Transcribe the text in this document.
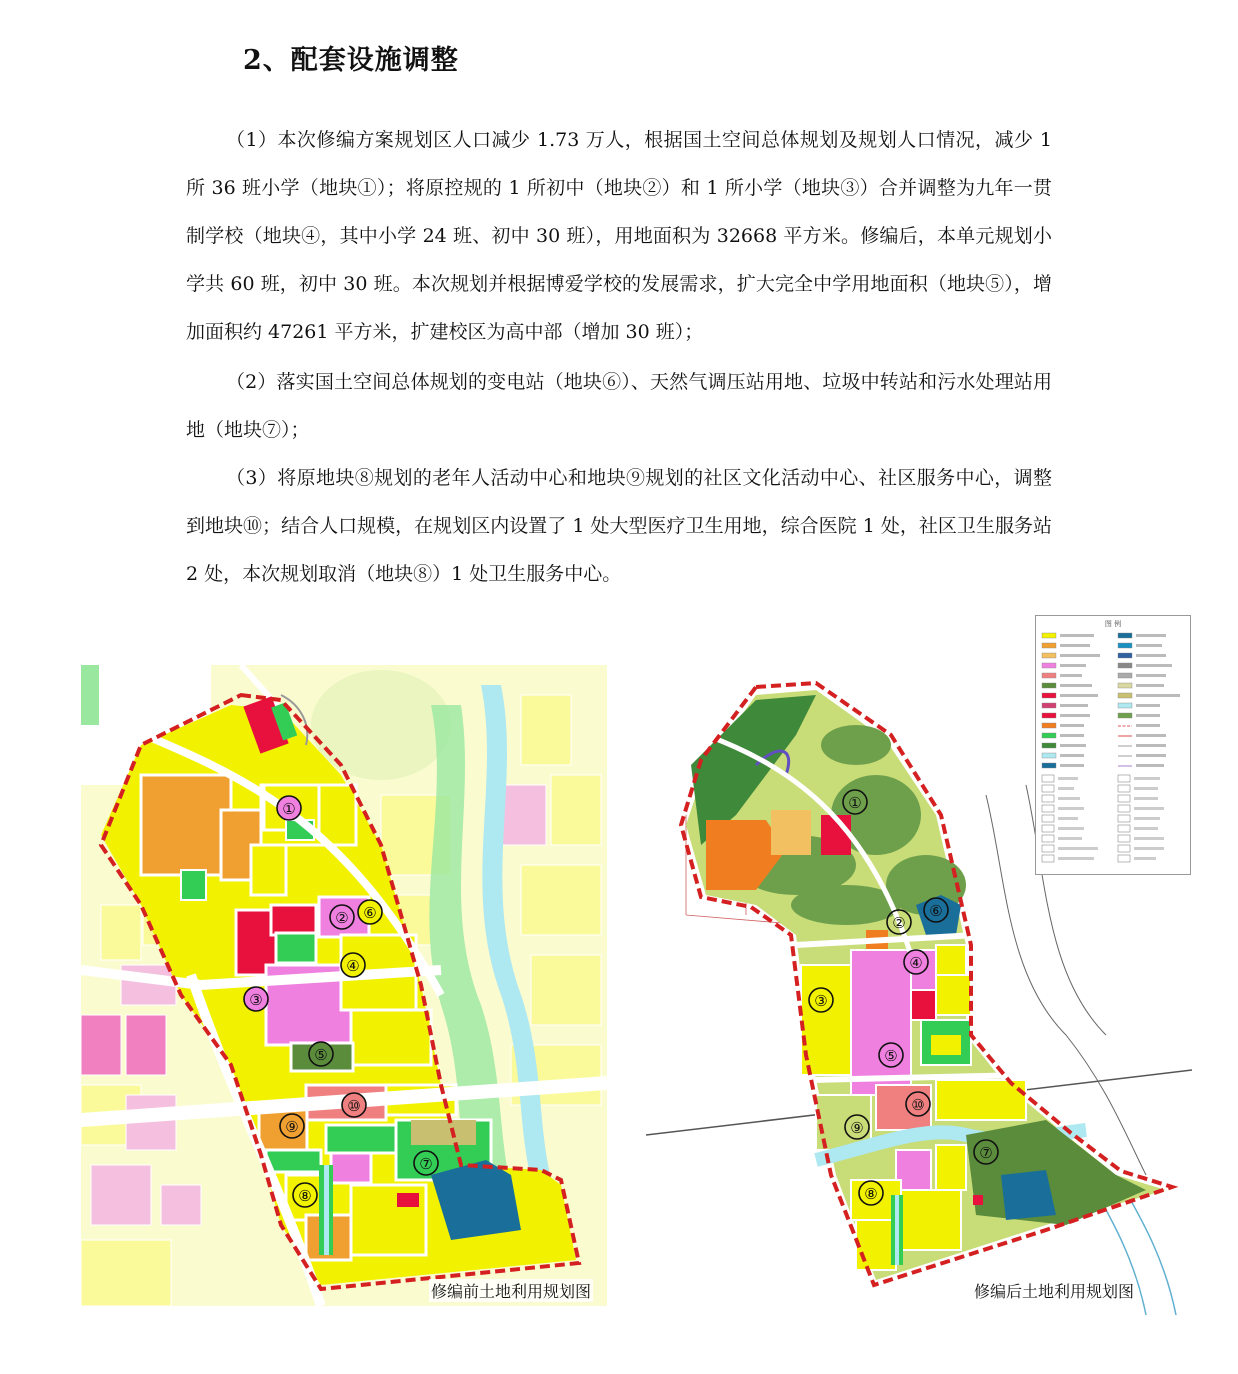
2、配套设施调整

（1）本次修编方案规划区人口减少 1.73 万人，根据国土空间总体规划及规划人口情况，减少 1 所 36 班小学（地块①）；将原控规的 1 所初中（地块②）和 1 所小学（地块③）合并调整为九年一贯制学校（地块④，其中小学 24 班、初中 30 班），用地面积为 32668 平方米。修编后，本单元规划小学共 60 班，初中 30 班。本次规划并根据博爱学校的发展需求，扩大完全中学用地面积（地块⑤），增加面积约 47261 平方米，扩建校区为高中部（增加 30 班）；

（2）落实国土空间总体规划的变电站（地块⑥）、天然气调压站用地、垃圾中转站和污水处理站用地（地块⑦）；

（3）将原地块⑧规划的老年人活动中心和地块⑨规划的社区文化活动中心、社区服务中心，调整到地块⑩；结合人口规模，在规划区内设置了 1 处大型医疗卫生用地，综合医院 1 处，社区卫生服务站 2 处，本次规划取消（地块⑧）1 处卫生服务中心。

①
② ⑥
④
③
⑤
⑩
⑨
⑧
⑦
修编前土地利用规划图
①
②
⑥
④
③
⑤
⑩
⑨
⑧
⑦
图 例
修编后土地利用规划图
